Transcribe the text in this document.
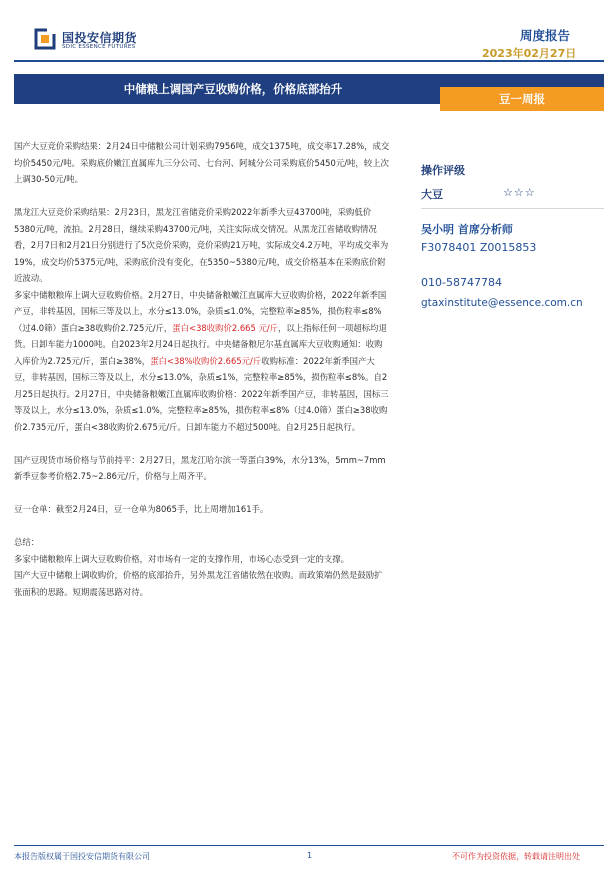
国投安信期货
SDIC ESSENCE FUTURES
周度报告
2023年02月27日
中储粮上调国产豆收购价格，价格底部抬升
豆一周报

国产大豆竞价采购结果：2月24日中储粮公司计划采购7956吨，成交1375吨，成交率17.28%，成交均价5450元/吨。采购底价嫩江直属库九三分公司、七台河、阿城分公司采购底价5450元/吨，较上次上调30-50元/吨。

黑龙江大豆竞价采购结果：2月23日，黑龙江省储竞价采购2022年新季大豆43700吨，采购低价5380元/吨，流拍。2月28日，继续采购43700元/吨，关注实际成交情况。从黑龙江省储收购情况看，2月7日和2月21日分别进行了5次竞价采购，竞价采购21万吨，实际成交4.2万吨，平均成交率为19%，成交均价5375元/吨，采购底价没有变化，在5350~5380元/吨，成交价格基本在采购底价附近波动。

多家中储粮粮库上调大豆收购价格。2月27日，中央储备粮嫩江直属库大豆收购价格，2022年新季国产豆，非转基因，国标三等及以上，水分≤13.0%，杂质≤1.0%，完整粒率≥85%，损伤粒率≤8%（过4.0筛）蛋白≥38收购价2.725元/斤，蛋白<38收购价2.665 元/斤，以上指标任何一项超标均退货。日卸车能力1000吨。自2023年2月24日起执行。中央储备粮尼尔基直属库大豆收购通知：收购入库价为2.725元/斤，蛋白≥38%，蛋白<38%收购价2.665元/斤收购标准：2022年新季国产大豆，非转基因，国标三等及以上，水分≤13.0%，杂质≤1%，完整粒率≥85%，损伤粒率≤8%。自2月25日起执行。2月27日，中央储备粮嫩江直属库收购价格：2022年新季国产豆，非转基因，国标三等及以上，水分≤13.0%，杂质≤1.0%，完整粒率≥85%，损伤粒率≤8%（过4.0筛）蛋白≥38收购价2.735元/斤，蛋白<38收购价2.675元/斤。日卸车能力不超过500吨。自2月25日起执行。

国产豆现货市场价格与节前持平：2月27日，黑龙江哈尔滨一等蛋白39%，水分13%，5mm~7mm新季豆参考价格2.75~2.86元/斤，价格与上周齐平。

豆一仓单：截至2月24日，豆一仓单为8065手，比上周增加161手。

总结：

多家中储粮粮库上调大豆收购价格，对市场有一定的支撑作用，市场心态受到一定的支撑。

国产大豆中储粮上调收购价，价格的底部抬升，另外黑龙江省储依然在收购。而政策端仍然是鼓励扩张面积的思路。短期震荡思路对待。

操作评级
大豆	☆☆☆
吴小明 首席分析师
F3078401 Z0015853
010-58747784
gtaxinstitute@essence.com.cn
本报告版权属于国投安信期货有限公司	1	不可作为投资依据，转载请注明出处
